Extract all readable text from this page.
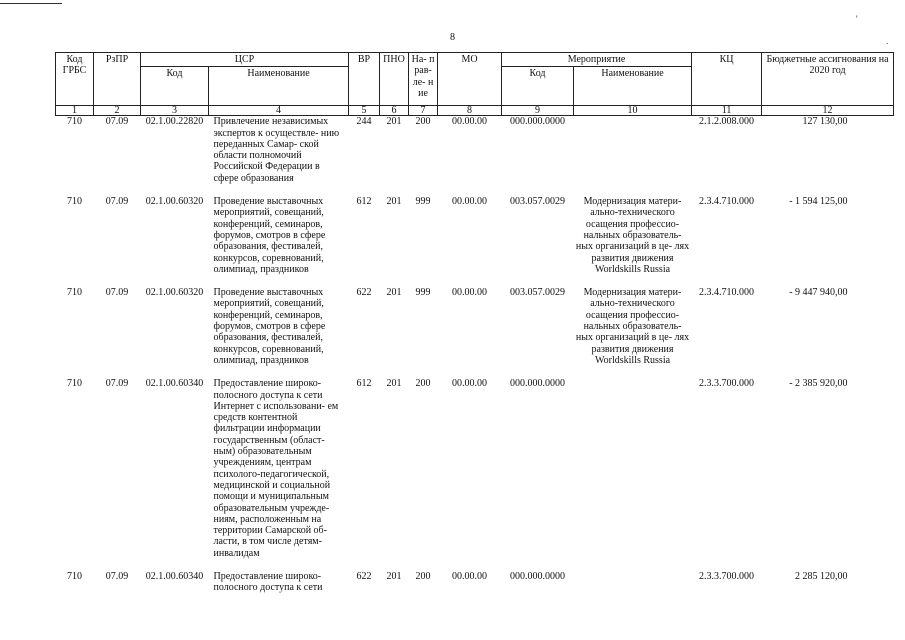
8
'
.
Код ГРБС	РзПР	ЦСР		ВР	ПНО	На- прав- ле- ние	МО	Мероприятие		КЦ	Бюджетные ассигнования на 2020 год
		Код	Наименование					Код	Наименование		
1	2	3	4	5	6	7	8	9	10	11	12
710	07.09	02.1.00.22820	Привлечение независимых экспертов к осуществле- нию переданных Самар- ской области полномочий Российской Федерации в сфере образования	244	201	200	00.00.00	000.000.0000		2.1.2.008.000	127 130,00
710	07.09	02.1.00.60320	Проведение выставочных мероприятий, совещаний, конференций, семинаров, форумов, смотров в сфере образования, фестивалей, конкурсов, соревнований, олимпиад, праздников	612	201	999	00.00.00	003.057.0029	Модернизация матери- ально-технического осащения профессио- нальных образователь- ных организаций в це- лях развития движения Worldskills Russia	2.3.4.710.000	- 1 594 125,00
710	07.09	02.1.00.60320	Проведение выставочных мероприятий, совещаний, конференций, семинаров, форумов, смотров в сфере образования, фестивалей, конкурсов, соревнований, олимпиад, праздников	622	201	999	00.00.00	003.057.0029	Модернизация матери- ально-технического осащения профессио- нальных образователь- ных организаций в це- лях развития движения Worldskills Russia	2.3.4.710.000	- 9 447 940,00
710	07.09	02.1.00.60340	Предоставление широко- полосного доступа к сети Интернет с использовани- ем средств контентной фильтрации информации государственным (област- ным) образовательным учреждениям, центрам психолого-педагогической, медицинской и социальной помощи и муниципальным образовательным учрежде- ниям, расположенным на территории Самарской об- ласти, в том числе детям- инвалидам	612	201	200	00.00.00	000.000.0000		2.3.3.700.000	- 2 385 920,00
710	07.09	02.1.00.60340	Предоставление широко- полосного доступа к сети	622	201	200	00.00.00	000.000.0000		2.3.3.700.000	2 285 120,00
